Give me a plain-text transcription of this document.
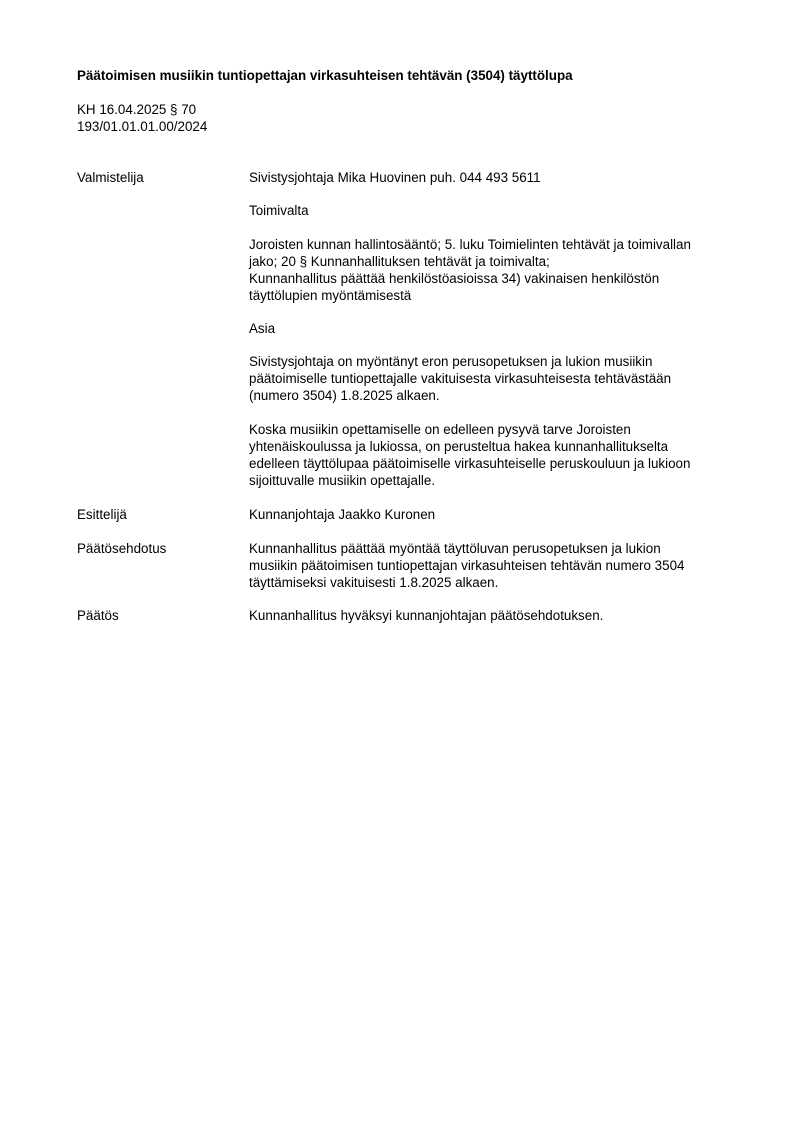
Päätoimisen musiikin tuntiopettajan virkasuhteisen tehtävän (3504) täyttölupa
KH 16.04.2025 § 70
193/01.01.01.00/2024
Valmistelija	Sivistysjohtaja Mika Huovinen puh. 044 493 5611
Toimivalta
Joroisten kunnan hallintosääntö; 5. luku Toimielinten tehtävät ja toimivallan
jako; 20 § Kunnanhallituksen tehtävät ja toimivalta;
Kunnanhallitus päättää henkilöstöasioissa 34) vakinaisen henkilöstön
täyttölupien myöntämisestä
Asia
Sivistysjohtaja on myöntänyt eron perusopetuksen ja lukion musiikin
päätoimiselle tuntiopettajalle vakituisesta virkasuhteisesta tehtävästään
(numero 3504) 1.8.2025 alkaen.
Koska musiikin opettamiselle on edelleen pysyvä tarve Joroisten
yhtenäiskoulussa ja lukiossa, on perusteltua hakea kunnanhallitukselta
edelleen täyttölupaa päätoimiselle virkasuhteiselle peruskouluun ja lukioon
sijoittuvalle musiikin opettajalle.
Esittelijä	Kunnanjohtaja Jaakko Kuronen
Päätösehdotus	Kunnanhallitus päättää myöntää täyttöluvan perusopetuksen ja lukion
musiikin päätoimisen tuntiopettajan virkasuhteisen tehtävän numero 3504
täyttämiseksi vakituisesti 1.8.2025 alkaen.
Päätös	Kunnanhallitus hyväksyi kunnanjohtajan päätösehdotuksen.
